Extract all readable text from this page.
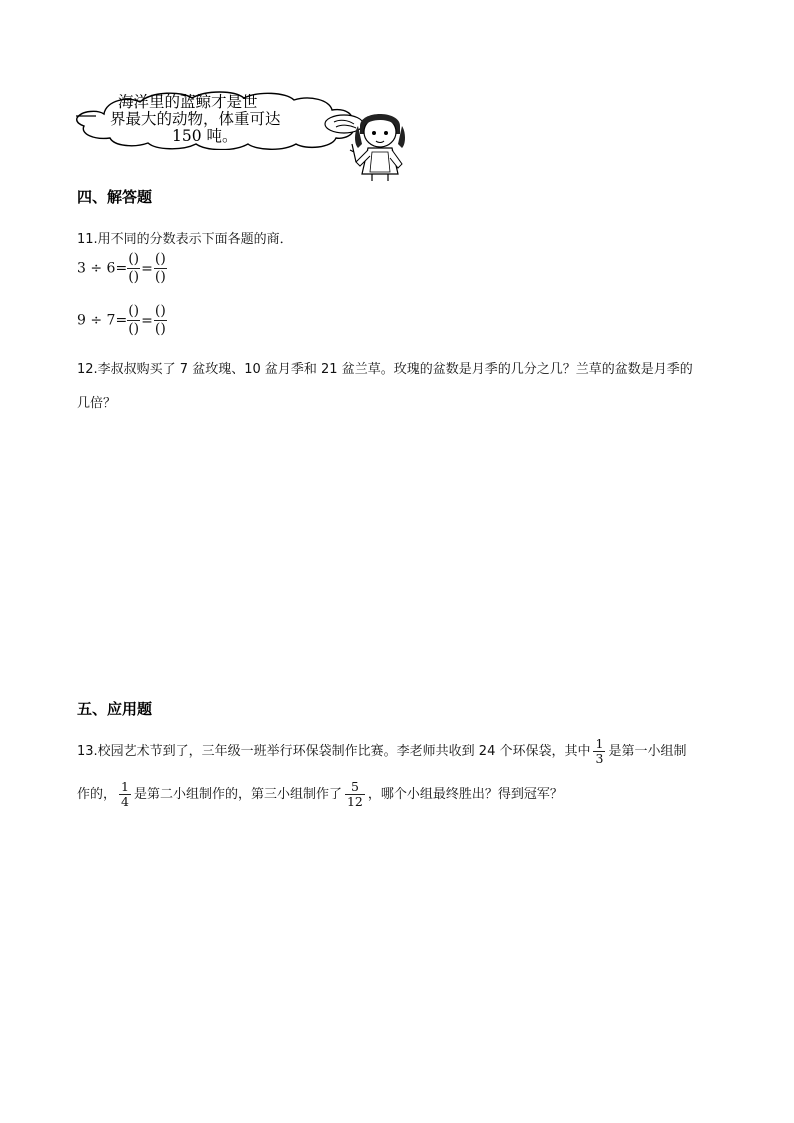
海洋里的蓝鲸才是世
界最大的动物，体重可达
150 吨。
四、解答题
11.用不同的分数表示下面各题的商．
$3 \div 6= \frac{()}{()} = \frac{()}{()}$
$9 \div 7= \frac{()}{()} = \frac{()}{()}$
12.李叔叔购买了 7 盆玫瑰、10 盆月季和 21 盆兰草。玫瑰的盆数是月季的几分之几？兰草的盆数是月季的
几倍？
五、应用题
13.校园艺术节到了，三年级一班举行环保袋制作比赛。李老师共收到 24 个环保袋，其中 $\frac{1}{3}$ 是第一小组制
作的， $\frac{1}{4}$ 是第二小组制作的，第三小组制作了 $\frac{5}{12}$ ，哪个小组最终胜出？得到冠军？
